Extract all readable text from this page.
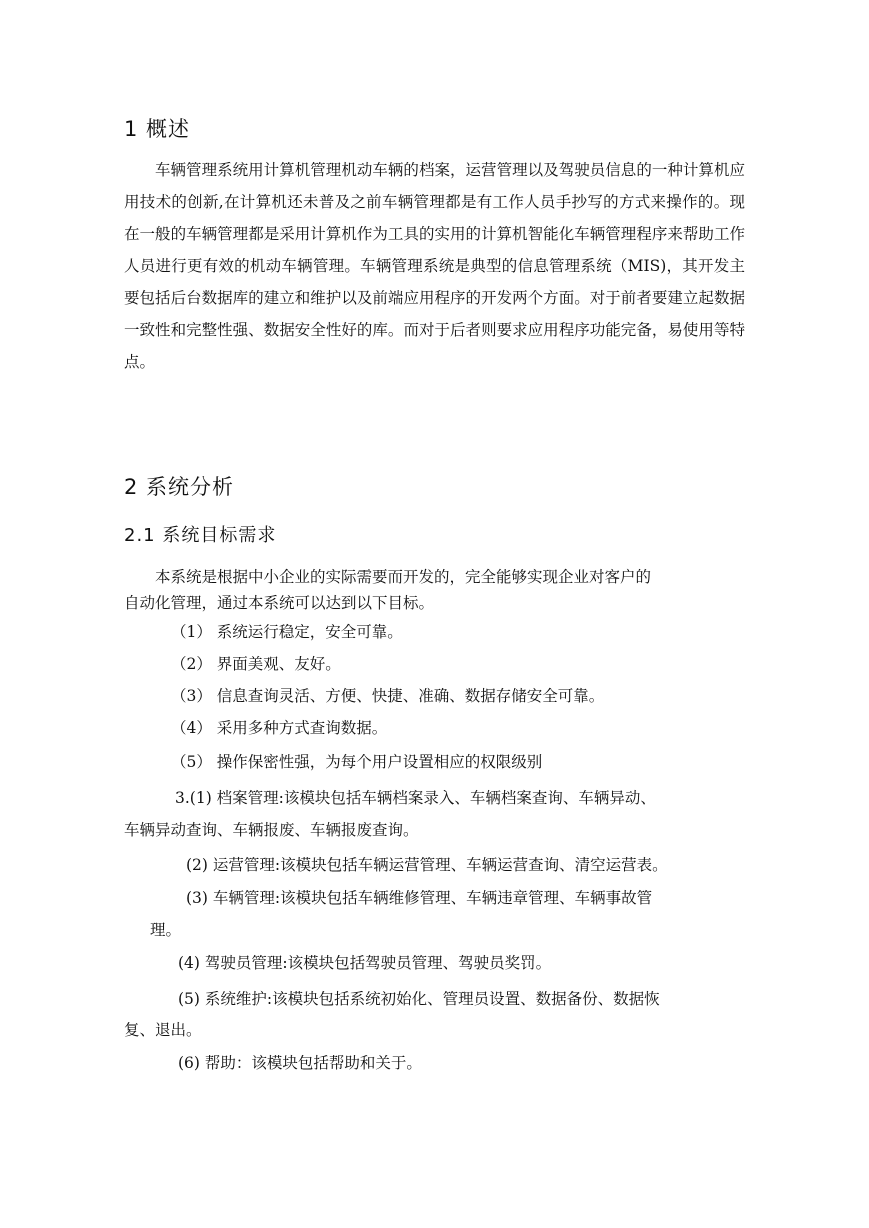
1 概述

车辆管理系统用计算机管理机动车辆的档案，运营管理以及驾驶员信息的一种计算机应用技术的创新,在计算机还未普及之前车辆管理都是有工作人员手抄写的方式来操作的。现在一般的车辆管理都是采用计算机作为工具的实用的计算机智能化车辆管理程序来帮助工作人员进行更有效的机动车辆管理。车辆管理系统是典型的信息管理系统（MIS)，其开发主要包括后台数据库的建立和维护以及前端应用程序的开发两个方面。对于前者要建立起数据一致性和完整性强、数据安全性好的库。而对于后者则要求应用程序功能完备，易使用等特点。

2 系统分析
2.1 系统目标需求
本系统是根据中小企业的实际需要而开发的，完全能够实现企业对客户的
自动化管理，通过本系统可以达到以下目标。
（1） 系统运行稳定，安全可靠。
（2） 界面美观、友好。
（3） 信息查询灵活、方便、快捷、准确、数据存储安全可靠。
（4） 采用多种方式查询数据。
（5） 操作保密性强，为每个用户设置相应的权限级别
3.(1) 档案管理:该模块包括车辆档案录入、车辆档案查询、车辆异动、
车辆异动查询、车辆报废、车辆报废查询。
(2) 运营管理:该模块包括车辆运营管理、车辆运营查询、清空运营表。
(3) 车辆管理:该模块包括车辆维修管理、车辆违章管理、车辆事故管
理。
(4) 驾驶员管理:该模块包括驾驶员管理、驾驶员奖罚。
(5) 系统维护:该模块包括系统初始化、管理员设置、数据备份、数据恢
复、退出。
(6) 帮助：该模块包括帮助和关于。
